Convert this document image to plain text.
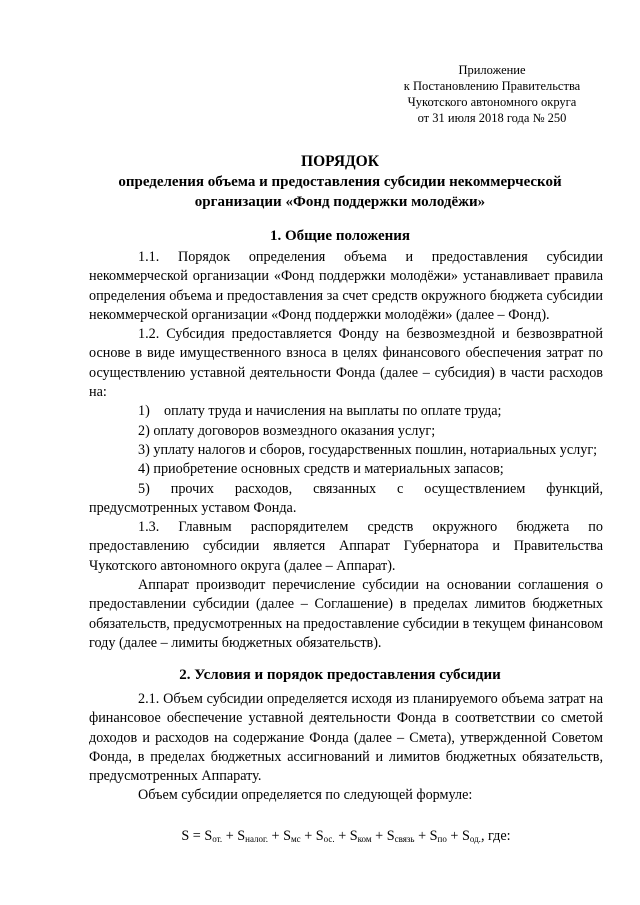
Приложение
к Постановлению Правительства
Чукотского автономного округа
от 31 июля 2018 года № 250
ПОРЯДОК
определения объема и предоставления субсидии некоммерческой
организации «Фонд поддержки молодёжи»
1. Общие положения

1.1. Порядок определения объема и предоставления субсидии некоммерческой организации «Фонд поддержки молодёжи» устанавливает правила определения объема и предоставления за счет средств окружного бюджета субсидии некоммерческой организации «Фонд поддержки молодёжи» (далее – Фонд).

1.2. Субсидия предоставляется Фонду на безвозмездной и безвозвратной основе в виде имущественного взноса в целях финансового обеспечения затрат по осуществлению уставной деятельности Фонда (далее – субсидия) в части расходов на:

1)    оплату труда и начисления на выплаты по оплате труда;

2) оплату договоров возмездного оказания услуг;

3) уплату налогов и сборов, государственных пошлин, нотариальных услуг;

4) приобретение основных средств и материальных запасов;

5) прочих расходов, связанных с осуществлением функций, предусмотренных уставом Фонда.

1.3. Главным распорядителем средств окружного бюджета по предоставлению субсидии является Аппарат Губернатора и Правительства Чукотского автономного округа (далее – Аппарат).

Аппарат производит перечисление субсидии на основании соглашения о предоставлении субсидии (далее – Соглашение) в пределах лимитов бюджетных обязательств, предусмотренных на предоставление субсидии в текущем финансовом году (далее – лимиты бюджетных обязательств).

2. Условия и порядок предоставления субсидии

2.1. Объем субсидии определяется исходя из планируемого объема затрат на финансовое обеспечение уставной деятельности Фонда в соответствии со сметой доходов и расходов на содержание Фонда (далее – Смета), утвержденной Советом Фонда, в пределах бюджетных ассигнований и лимитов бюджетных обязательств, предусмотренных Аппарату.

Объем субсидии определяется по следующей формуле:

$S = S_{от.} + S_{налог.} + S_{мс} + S_{ос.} + S_{ком} + S_{связь} + S_{по} + S_{од.}$, где:
